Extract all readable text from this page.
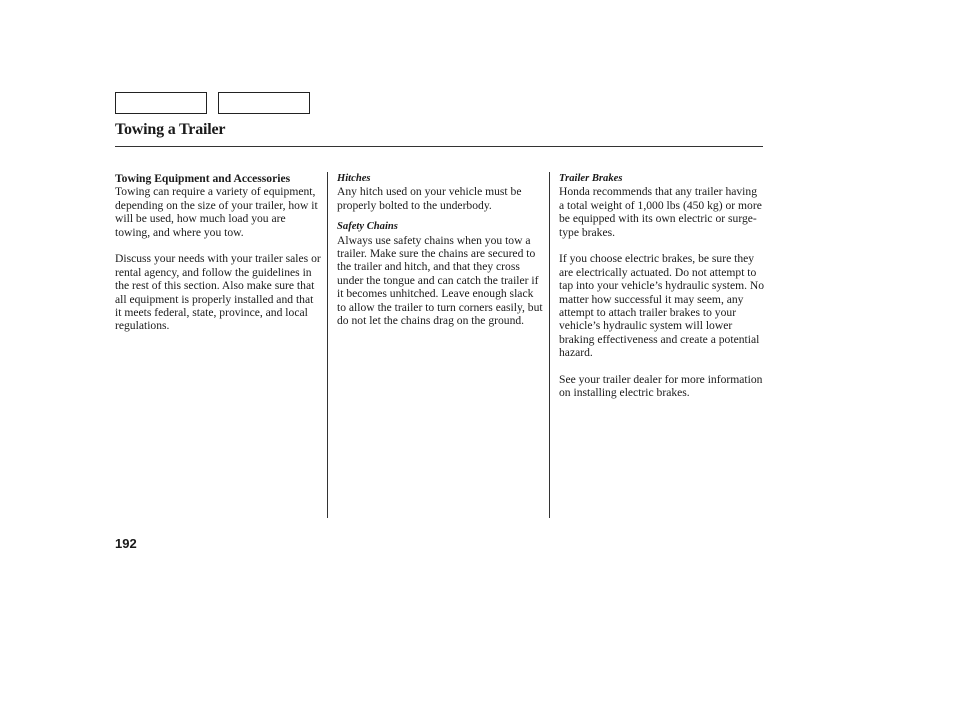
Towing a Trailer

Towing Equipment and Accessories

Towing can require a variety of equipment, depending on the size of your trailer, how it will be used, how much load you are towing, and where you tow.

Discuss your needs with your trailer sales or rental agency, and follow the guidelines in the rest of this section. Also make sure that all equipment is properly installed and that it meets federal, state, province, and local regulations.

Hitches

Any hitch used on your vehicle must be properly bolted to the underbody.

Safety Chains

Always use safety chains when you tow a trailer. Make sure the chains are secured to the trailer and hitch, and that they cross under the tongue and can catch the trailer if it becomes unhitched. Leave enough slack to allow the trailer to turn corners easily, but do not let the chains drag on the ground.

Trailer Brakes

Honda recommends that any trailer having a total weight of 1,000 lbs (450 kg) or more be equipped with its own electric or surge-type brakes.

If you choose electric brakes, be sure they are electrically actuated. Do not attempt to tap into your vehicle’s hydraulic system. No matter how successful it may seem, any attempt to attach trailer brakes to your vehicle’s hydraulic system will lower braking effectiveness and create a potential hazard.

See your trailer dealer for more information on installing electric brakes.

192
